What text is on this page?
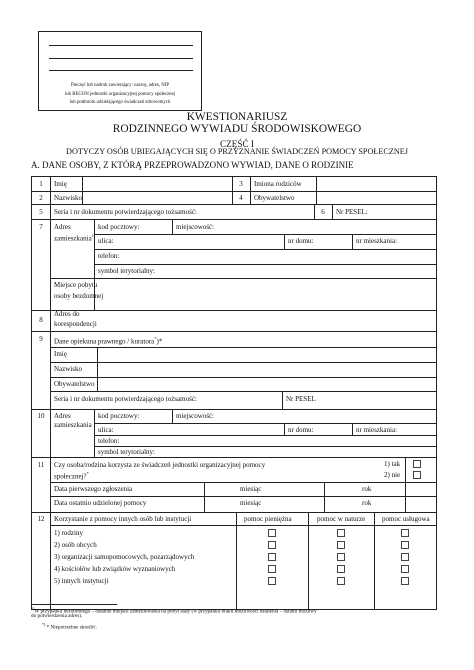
Pieczęć lub nadruk zawierający: nazwę, adres, NIP
lub REGON jednostki organizacyjnej pomocy społecznej
lub podmiotu udzielającego świadczeń zdrowotnych
KWESTIONARIUSZ
RODZINNEGO WYWIADU ŚRODOWISKOWEGO
CZĘŚĆ I
DOTYCZY OSÓB UBIEGAJĄCYCH SIĘ O PRZYZNANIE ŚWIADCZEŃ POMOCY SPOŁECZNEJ
A. DANE OSOBY, Z KTÓRĄ PRZEPROWADZONO WYWIAD, DANE O RODZINIE
1	Imię	3	Imiona rodziców
2	Nazwisko	4	Obywatelstwo
5	Seria i nr dokumentu potwierdzającego tożsamość:	6	Nr PESEL:
7	Adres
zamieszkania$^1$
kod pocztowy:	miejscowość:
ulica:	nr domu:	nr mieszkania:
telefon:
symbol terytorialny:
Miejsce pobytu
osoby bezdomnej
8
Adres do
korespondencji
9	Dane opiekuna prawnego / kuratora*)*
Imię
Nazwisko
Obywatelstwo
Seria i nr dokumentu potwierdzającego tożsamość:	Nr PESEL
10	Adres
zamieszkania
kod pocztowy:	miejscowość:
ulica:	nr domu:	nr mieszkania:
telefon:
symbol terytorialny:
11	Czy osoba/rodzina korzysta ze świadczeń jednostki organizacyjnej pomocy
społecznej?*
1) tak
2) nie
Data pierwszego zgłoszenia	miesiąc	rok
Data ostatnio udzielonej pomocy	miesiąc	rok
12	Korzystanie z pomocy innych osób lub instytucji	pomoc pieniężna	pomoc w naturze pomoc usługowa
1) rodziny
2) osób obcych
3) organizacji samopomocowych, pozarządowych
4) kościołów lub związków wyznaniowych
5) innych instytucji
$^{1)}$W przypadku bezdomnego – ostatnie miejsce zameldowania na pobyt stały (w przypadku braku możliwości ustalenia – ostatni możliwy
do potwierdzenia adres).
*) * Niepotrzebne skreślić.
